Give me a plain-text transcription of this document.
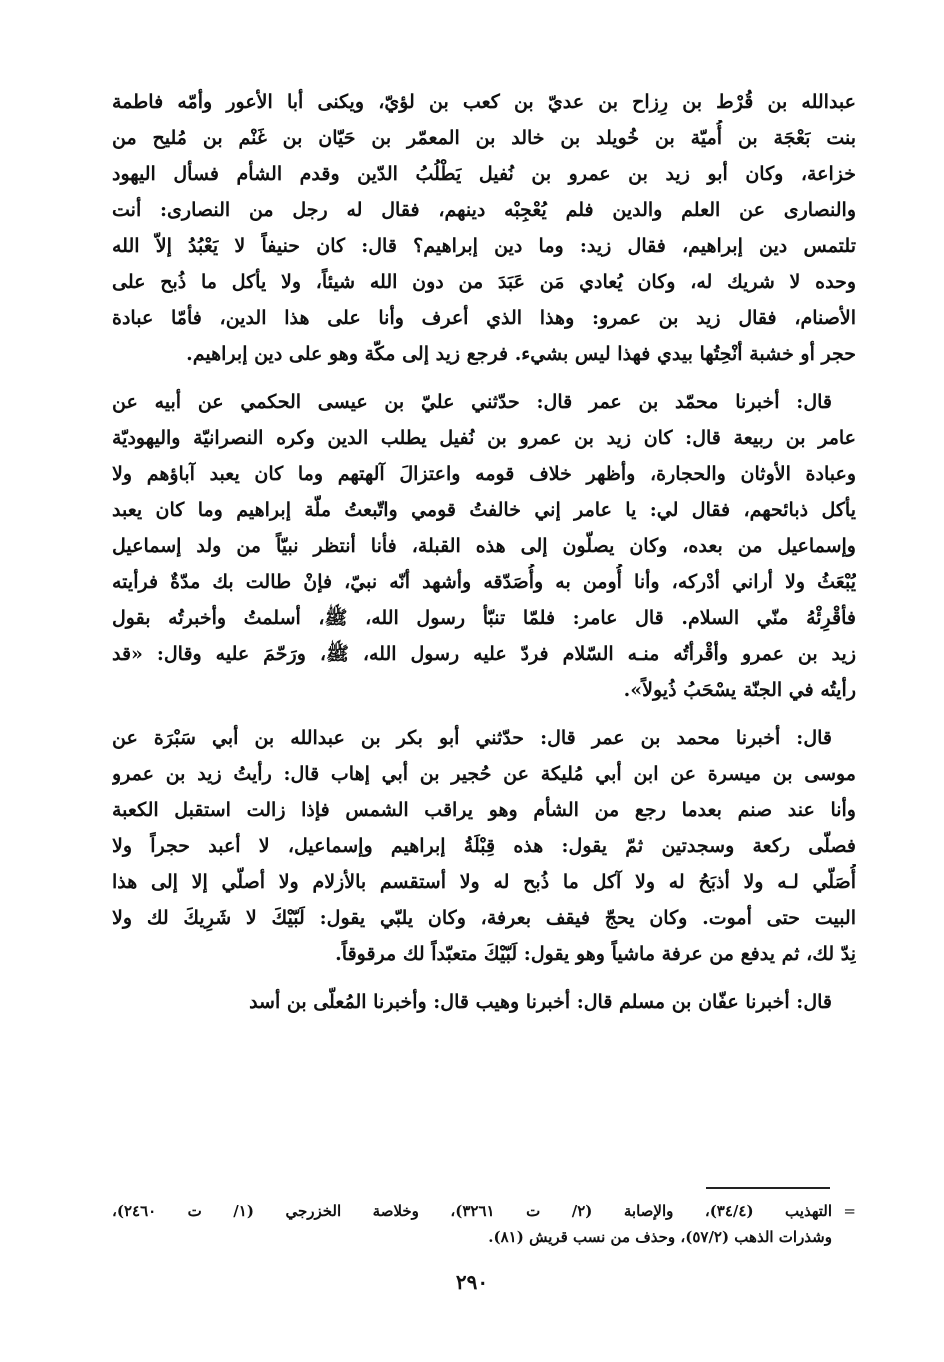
عبدالله بن قُرْط بن رِزاح بن عديّ بن كعب بن لؤيّ، ويكنى أبا الأعور وأمّه فاطمة
بنت بَعْجَة بن أُميّة بن خُويلد بن خالد بن المعمّر بن حَيّان بن غَنْم بن مُليح من
خزاعة، وكان أبو زيد بن عمرو بن نُفيل يَطْلُبُ الدّين وقدم الشأم فسأل اليهود
والنصارى عن العلم والدين فلم يُعْجِبْه دينهم، فقال له رجل من النصارى: أنت
تلتمس دين إبراهيم، فقال زيد: وما دين إبراهيم؟ قال: كان حنيفاً لا يَعْبُدُ إلاّ الله
وحده لا شريك له، وكان يُعادي مَن عَبَدَ من دون الله شيئاً، ولا يأكل ما ذُبح على
الأصنام، فقال زيد بن عمرو: وهذا الذي أعرف وأنا على هذا الدين، فأمّا عبادة
حجر أو خشبة أنْحِتُها بيدي فهذا ليس بشيء. فرجع زيد إلى مكّة وهو على دين إبراهيم.
قال: أخبرنا محمّد بن عمر قال: حدّثني عليّ بن عيسى الحكمي عن أبيه عن
عامر بن ربيعة قال: كان زيد بن عمرو بن نُفيل يطلب الدين وكره النصرانيّة واليهوديّة
وعبادة الأوثان والحجارة، وأظهر خلاف قومه واعتزالَ آلهتهم وما كان يعبد آباؤهم ولا
يأكل ذبائحهم، فقال لي: يا عامر إني خالفتُ قومي واتّبعتُ ملّة إبراهيم وما كان يعبد
وإسماعيل من بعده، وكان يصلّون إلى هذه القبلة، فأنا أنتظر نبيّاً من ولد إسماعيل
يُبْعَثُ ولا أراني أدْركه، وأنا أُومن به وأُصَدّقه وأشهد أنّه نبيّ، فإنْ طالت بك مدّةٌ فرأيته
فأقْرِئْهُ منّي السلام. قال عامر: فلمّا تنبّأ رسول الله، ﷺ، أسلمتُ وأخبرتُه بقول
زيد بن عمرو وأقْرأتُه منـه السّلام فردّ عليه رسول الله، ﷺ، ورَحّمَ عليه وقال: «قد
رأيتُه في الجنّة يسْحَبُ ذُيولاً».
قال: أخبرنا محمد بن عمر قال: حدّثني أبو بكر بن عبدالله بن أبي سَبْرَة عن
موسى بن ميسرة عن ابن أبي مُليكة عن حُجير بن أبي إهاب قال: رأيتُ زيد بن عمرو
وأنا عند صنم بعدما رجع من الشأم وهو يراقب الشمس فإذا زالت استقبل الكعبة
فصلّى ركعة وسجدتين ثمّ يقول: هذه قِبْلَةُ إبراهيم وإسماعيل، لا أعبد حجراً ولا
أُصَلّي لـه ولا أذبَحُ له ولا آكل ما ذُبح له ولا أستقسم بالأزلام ولا أصلّي إلا إلى هذا
البيت حتى أموت. وكان يحجّ فيقف بعرفة، وكان يلبّي يقول: لَبّيْكَ لا شَرِيكَ لك ولا
نِدّ لك، ثم يدفع من عرفة ماشياً وهو يقول: لَبّيْكَ متعبّداً لك مرقوقاً.
قال: أخبرنا عفّان بن مسلم قال: أخبرنا وهيب قال: وأخبرنا المُعلّى بن أسد
=
التهذيب (٣٤/٤)، والإصابة (٢/ ت ٣٢٦١)، وخلاصة الخزرجي (١/ ت ٢٤٦٠)،
وشذرات الذهب (٥٧/٢)، وحذف من نسب قريش (٨١).
٢٩٠
